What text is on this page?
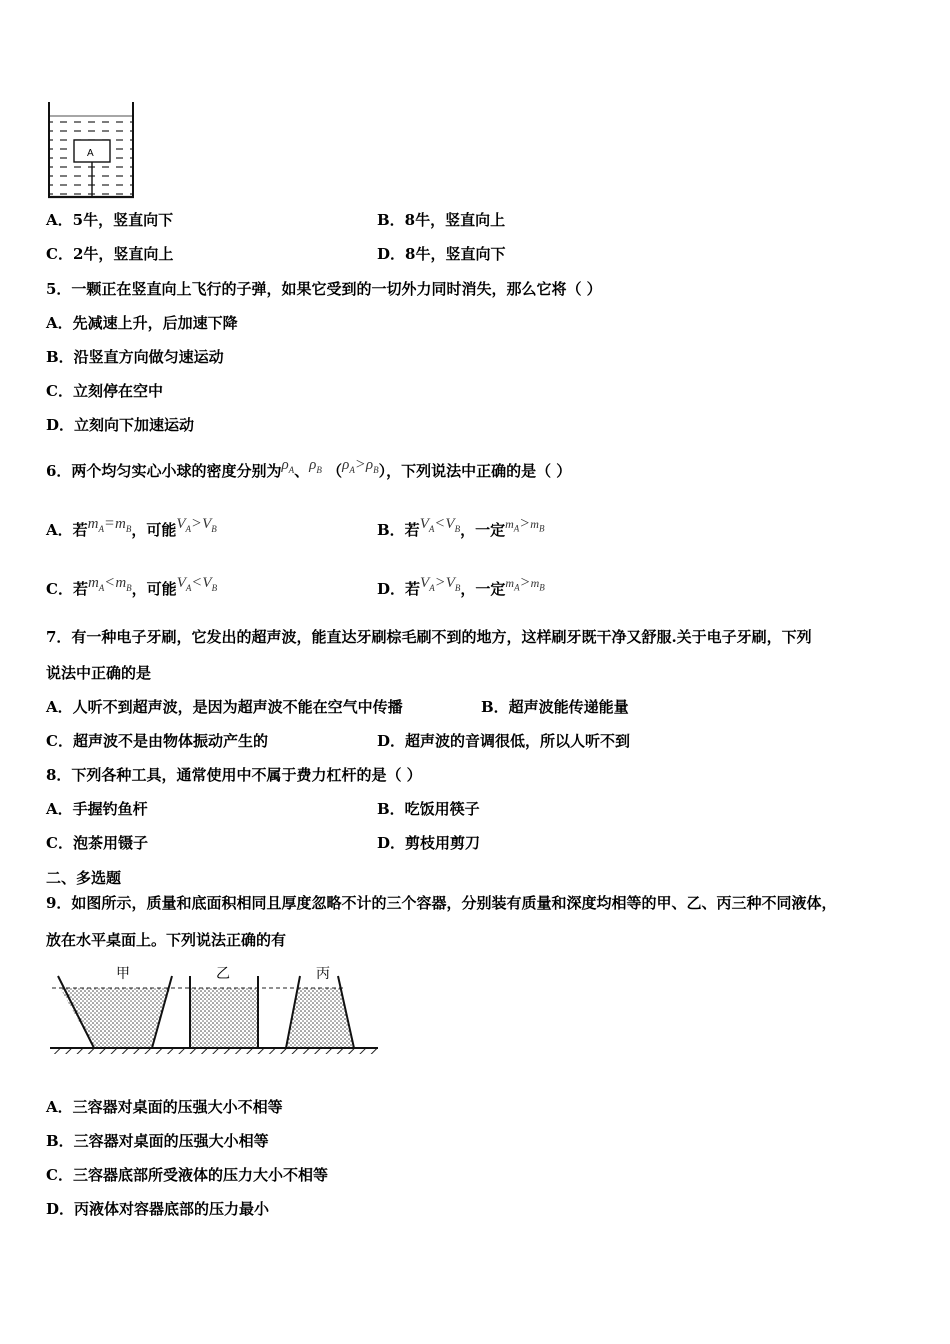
A
A．5牛，竖直向下	B．8牛，竖直向上
C．2牛，竖直向上	D．8牛，竖直向下
5．一颗正在竖直向上飞行的子弹，如果它受到的一切外力同时消失，那么它将（ ）
A．先减速上升，后加速下降
B．沿竖直方向做匀速运动
C．立刻停在空中
D．立刻向下加速运动
6．两个均匀实心小球的密度分别为$\rho_A$、$\rho_B$ $(\rho_A>\rho_B)$，下列说法中正确的是（ ）
A．若$m_A=m_B$，可能$V_A>V_B$	B．若$V_A<V_B$，一定$^{m_A>m_B}$
C．若$m_A<m_B$，可能$V_A<V_B$	D．若$V_A>V_B$，一定$^{m_A>m_B}$
7．有一种电子牙刷，它发出的超声波，能直达牙刷棕毛刷不到的地方，这样刷牙既干净又舒服.关于电子牙刷，下列
说法中正确的是
A．人听不到超声波，是因为超声波不能在空气中传播	B．超声波能传递能量
C．超声波不是由物体振动产生的	D．超声波的音调很低，所以人听不到
8．下列各种工具，通常使用中不属于费力杠杆的是（ ）
A．手握钓鱼杆	B．吃饭用筷子
C．泡茶用镊子	D．剪枝用剪刀
二、多选题
9．如图所示，质量和底面积相同且厚度忽略不计的三个容器，分别装有质量和深度均相等的甲、乙、丙三种不同液体，
放在水平桌面上。下列说法正确的有
甲	乙	丙
A．三容器对桌面的压强大小不相等
B．三容器对桌面的压强大小相等
C．三容器底部所受液体的压力大小不相等
D．丙液体对容器底部的压力最小
